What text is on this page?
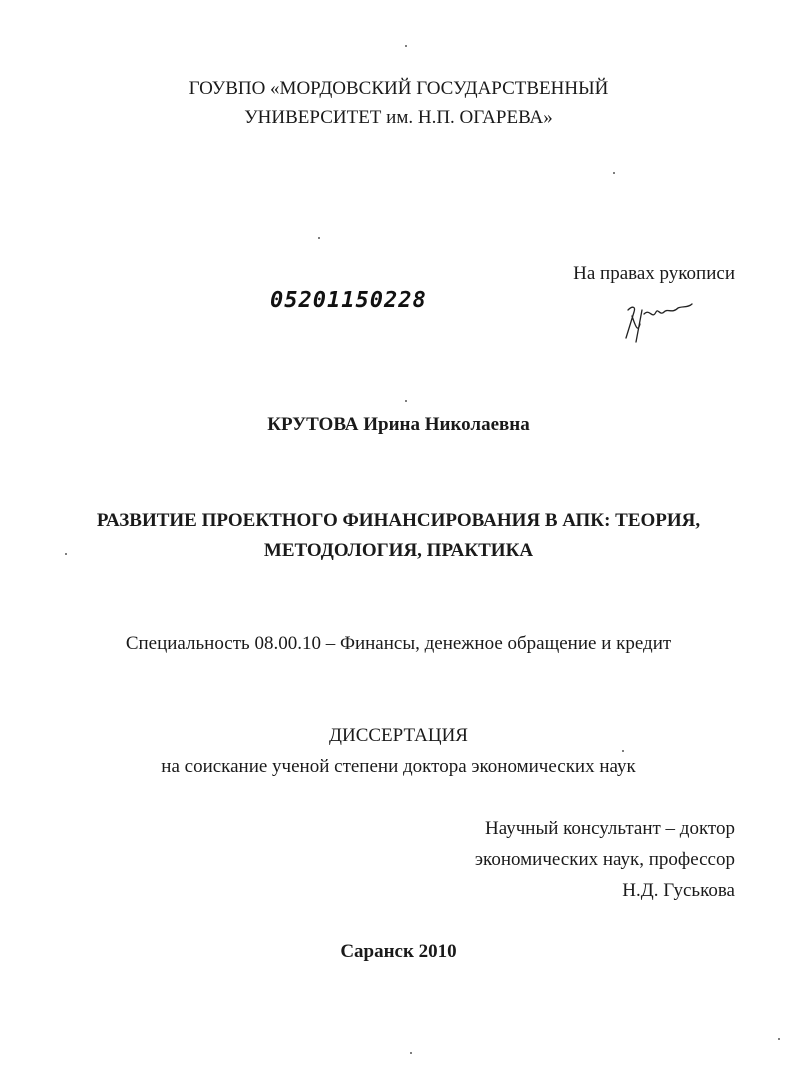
ГОУВПО «МОРДОВСКИЙ ГОСУДАРСТВЕННЫЙ
УНИВЕРСИТЕТ им. Н.П. ОГАРЕВА»
На правах рукописи
05201150228
КРУТОВА Ирина Николаевна
РАЗВИТИЕ ПРОЕКТНОГО ФИНАНСИРОВАНИЯ В АПК: ТЕОРИЯ,
МЕТОДОЛОГИЯ, ПРАКТИКА
Специальность 08.00.10 – Финансы, денежное обращение и кредит
ДИССЕРТАЦИЯ
на соискание ученой степени доктора экономических наук
Научный консультант – доктор
экономических наук, профессор
Н.Д. Гуськова
Саранск 2010
